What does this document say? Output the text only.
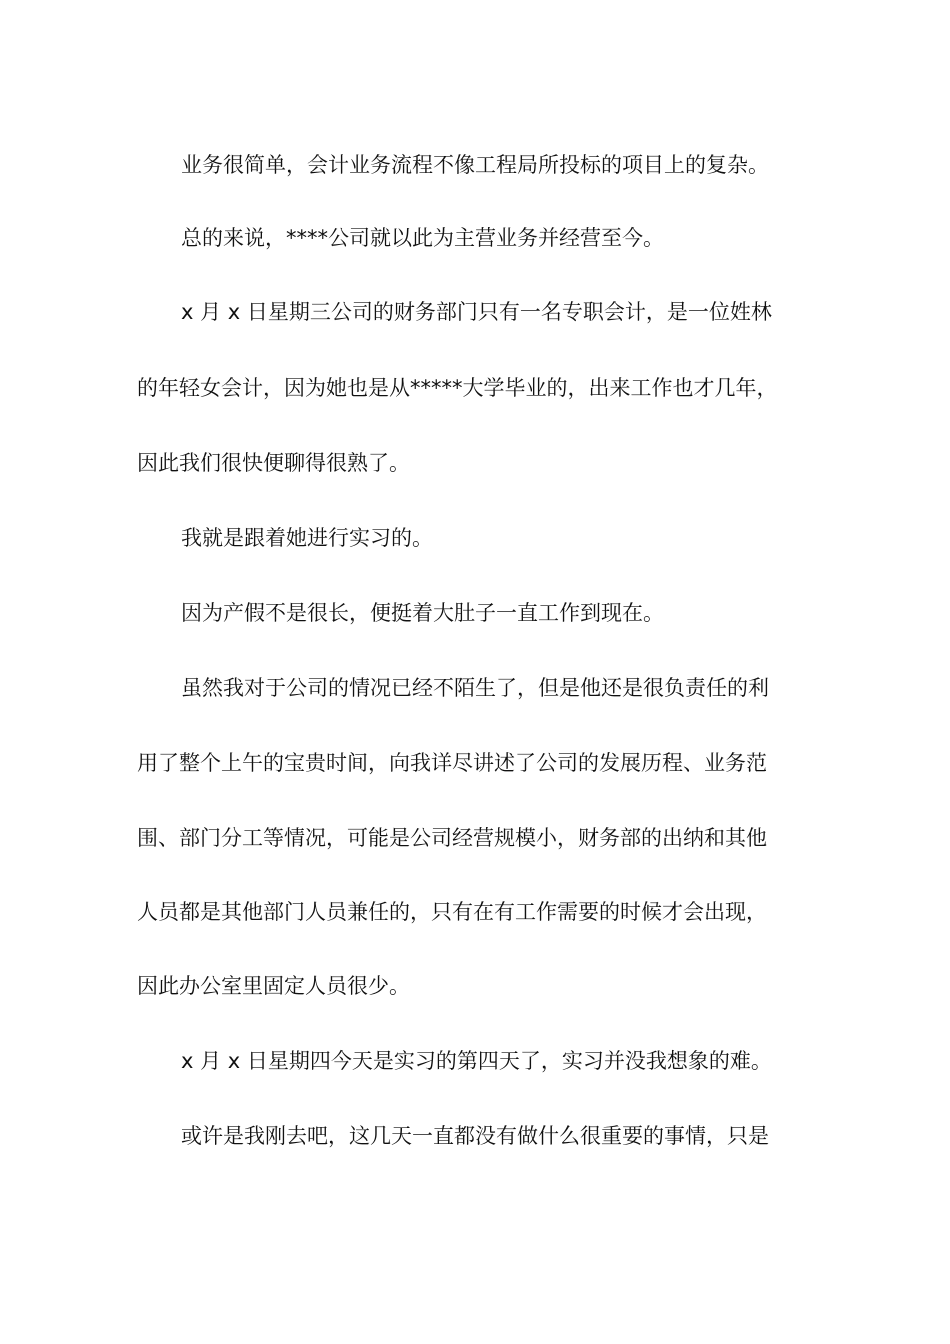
业务很简单，会计业务流程不像工程局所投标的项目上的复杂。
总的来说，****公司就以此为主营业务并经营至今。
x 月 x 日星期三公司的财务部门只有一名专职会计，是一位姓林
的年轻女会计，因为她也是从*****大学毕业的，出来工作也才几年，
因此我们很快便聊得很熟了。
我就是跟着她进行实习的。
因为产假不是很长，便挺着大肚子一直工作到现在。
虽然我对于公司的情况已经不陌生了，但是他还是很负责任的利
用了整个上午的宝贵时间，向我详尽讲述了公司的发展历程、业务范
围、部门分工等情况，可能是公司经营规模小，财务部的出纳和其他
人员都是其他部门人员兼任的，只有在有工作需要的时候才会出现，
因此办公室里固定人员很少。
x 月 x 日星期四今天是实习的第四天了，实习并没我想象的难。
或许是我刚去吧，这几天一直都没有做什么很重要的事情，只是
